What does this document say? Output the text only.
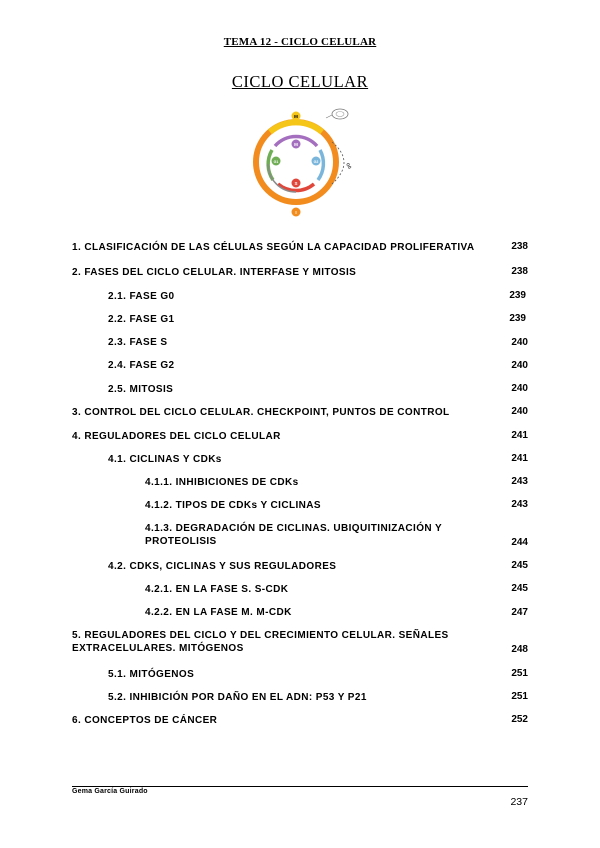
TEMA 12 - CICLO CELULAR
CICLO CELULAR
M
M
G1	G2
S
I
G0
1. CLASIFICACIÓN DE LAS CÉLULAS SEGÚN LA CAPACIDAD PROLIFERATIVA	238
2. FASES DEL CICLO CELULAR. INTERFASE Y MITOSIS	238
2.1. FASE G0	239
2.2. FASE G1	239
2.3. FASE S	240
2.4. FASE G2	240
2.5. MITOSIS	240
3. CONTROL DEL CICLO CELULAR. CHECKPOINT, PUNTOS DE CONTROL	240
4. REGULADORES DEL CICLO CELULAR	241
4.1. CICLINAS Y CDKs	241
4.1.1. INHIBICIONES DE CDKs	243
4.1.2. TIPOS DE CDKs Y CICLINAS	243
4.1.3. DEGRADACIÓN DE CICLINAS. UBIQUITINIZACIÓN Y PROTEOLISIS	244
4.2. CDKS, CICLINAS Y SUS REGULADORES	245
4.2.1. EN LA FASE S. S-CDK	245
4.2.2. EN LA FASE M. M-CDK	247
5. REGULADORES DEL CICLO Y DEL CRECIMIENTO CELULAR. SEÑALES EXTRACELULARES. MITÓGENOS	248
5.1. MITÓGENOS	251
5.2. INHIBICIÓN POR DAÑO EN EL ADN: P53 Y P21	251
6. CONCEPTOS DE CÁNCER	252
Gema García Guirado
237
